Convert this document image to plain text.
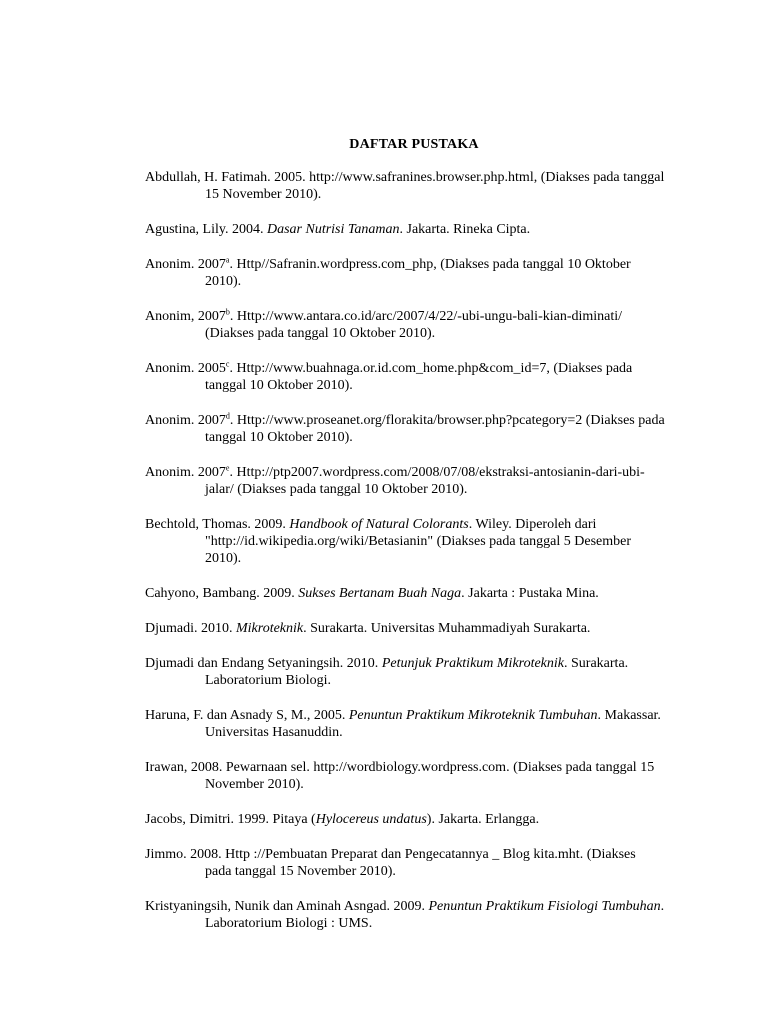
DAFTAR PUSTAKA
Abdullah, H. Fatimah. 2005. http://www.safranines.browser.php.html, (Diakses pada tanggal 15 November 2010).
Agustina, Lily. 2004. Dasar Nutrisi Tanaman. Jakarta. Rineka Cipta.
Anonim. 2007$^a$. Http//Safranin.wordpress.com_php, (Diakses pada tanggal 10 Oktober 2010).
Anonim, 2007$^b$. Http://www.antara.co.id/arc/2007/4/22/-ubi-ungu-bali-kian-diminati/ (Diakses pada tanggal 10 Oktober 2010).
Anonim. 2005$^c$. Http://www.buahnaga.or.id.com_home.php&com_id=7, (Diakses pada tanggal 10 Oktober 2010).
Anonim. 2007$^d$. Http://www.proseanet.org/florakita/browser.php?pcategory=2 (Diakses pada tanggal 10 Oktober 2010).
Anonim. 2007e. Http://ptp2007.wordpress.com/2008/07/08/ekstraksi-antosianin-dari-ubi-jalar/ (Diakses pada tanggal 10 Oktober 2010).
Bechtold, Thomas. 2009. Handbook of Natural Colorants. Wiley. Diperoleh dari "http://id.wikipedia.org/wiki/Betasianin" (Diakses pada tanggal 5 Desember 2010).
Cahyono, Bambang. 2009. Sukses Bertanam Buah Naga. Jakarta : Pustaka Mina.
Djumadi. 2010. Mikroteknik. Surakarta. Universitas Muhammadiyah Surakarta.
Djumadi dan Endang Setyaningsih. 2010. Petunjuk Praktikum Mikroteknik. Surakarta. Laboratorium Biologi.
Haruna, F. dan Asnady S, M., 2005. Penuntun Praktikum Mikroteknik Tumbuhan. Makassar. Universitas Hasanuddin.
Irawan, 2008. Pewarnaan sel. http://wordbiology.wordpress.com. (Diakses pada tanggal 15 November 2010).
Jacobs, Dimitri. 1999. Pitaya (Hylocereus undatus). Jakarta. Erlangga.
Jimmo. 2008. Http ://Pembuatan Preparat dan Pengecatannya _ Blog kita.mht. (Diakses pada tanggal 15 November 2010).
Kristyaningsih, Nunik dan Aminah Asngad. 2009. Penuntun Praktikum Fisiologi Tumbuhan. Laboratorium Biologi : UMS.
